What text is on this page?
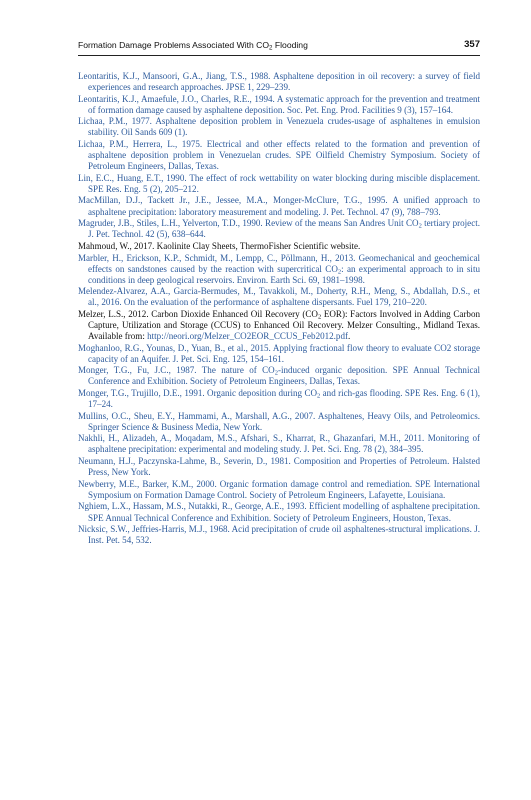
Formation Damage Problems Associated With $CO_2$ Flooding	357
Leontaritis, K.J., Mansoori, G.A., Jiang, T.S., 1988. Asphaltene deposition in oil recovery: a survey of field experiences and research approaches. JPSE 1, 229–239.
Leontaritis, K.J., Amaefule, J.O., Charles, R.E., 1994. A systematic approach for the prevention and treatment of formation damage caused by asphaltene deposition. Soc. Pet. Eng. Prod. Facilities 9 (3), 157–164.
Lichaa, P.M., 1977. Asphaltene deposition problem in Venezuela crudes-usage of asphaltenes in emulsion stability. Oil Sands 609 (1).
Lichaa, P.M., Herrera, L., 1975. Electrical and other effects related to the formation and prevention of asphaltene deposition problem in Venezuelan crudes. SPE Oilfield Chemistry Symposium. Society of Petroleum Engineers, Dallas, Texas.
Lin, E.C., Huang, E.T., 1990. The effect of rock wettability on water blocking during miscible displacement. SPE Res. Eng. 5 (2), 205–212.
MacMillan, D.J., Tackett Jr., J.E., Jessee, M.A., Monger-McClure, T.G., 1995. A unified approach to asphaltene precipitation: laboratory measurement and modeling. J. Pet. Technol. 47 (9), 788–793.
Magruder, J.B., Stiles, L.H., Yelverton, T.D., 1990. Review of the means San Andres Unit $CO_2$ tertiary project. J. Pet. Technol. 42 (5), 638–644.
Mahmoud, W., 2017. Kaolinite Clay Sheets, ThermoFisher Scientific website.
Marbler, H., Erickson, K.P., Schmidt, M., Lempp, C., Pöllmann, H., 2013. Geomechanical and geochemical effects on sandstones caused by the reaction with supercritical $CO_2$: an experimental approach to in situ conditions in deep geological reservoirs. Environ. Earth Sci. 69, 1981–1998.
Melendez-Alvarez, A.A., Garcia-Bermudes, M., Tavakkoli, M., Doherty, R.H., Meng, S., Abdallah, D.S., et al., 2016. On the evaluation of the performance of asphaltene dispersants. Fuel 179, 210–220.
Melzer, L.S., 2012. Carbon Dioxide Enhanced Oil Recovery ($CO_2$ EOR): Factors Involved in Adding Carbon Capture, Utilization and Storage (CCUS) to Enhanced Oil Recovery. Melzer Consulting., Midland Texas. Available from: http://neori.org/Melzer_CO2EOR_CCUS_Feb2012.pdf.
Moghanloo, R.G., Younas, D., Yuan, B., et al., 2015. Applying fractional flow theory to evaluate CO2 storage capacity of an Aquifer. J. Pet. Sci. Eng. 125, 154–161.
Monger, T.G., Fu, J.C., 1987. The nature of $CO_2$-induced organic deposition. SPE Annual Technical Conference and Exhibition. Society of Petroleum Engineers, Dallas, Texas.
Monger, T.G., Trujillo, D.E., 1991. Organic deposition during $CO_2$ and rich-gas flooding. SPE Res. Eng. 6 (1), 17–24.
Mullins, O.C., Sheu, E.Y., Hammami, A., Marshall, A.G., 2007. Asphaltenes, Heavy Oils, and Petroleomics. Springer Science & Business Media, New York.
Nakhli, H., Alizadeh, A., Moqadam, M.S., Afshari, S., Kharrat, R., Ghazanfari, M.H., 2011. Monitoring of asphaltene precipitation: experimental and modeling study. J. Pet. Sci. Eng. 78 (2), 384–395.
Neumann, H.J., Paczynska-Lahme, B., Severin, D., 1981. Composition and Properties of Petroleum. Halsted Press, New York.
Newberry, M.E., Barker, K.M., 2000. Organic formation damage control and remediation. SPE International Symposium on Formation Damage Control. Society of Petroleum Engineers, Lafayette, Louisiana.
Nghiem, L.X., Hassam, M.S., Nutakki, R., George, A.E., 1993. Efficient modelling of asphaltene precipitation. SPE Annual Technical Conference and Exhibition. Society of Petroleum Engineers, Houston, Texas.
Nicksic, S.W., Jeffries-Harris, M.J., 1968. Acid precipitation of crude oil asphaltenes-structural implications. J. Inst. Pet. 54, 532.
